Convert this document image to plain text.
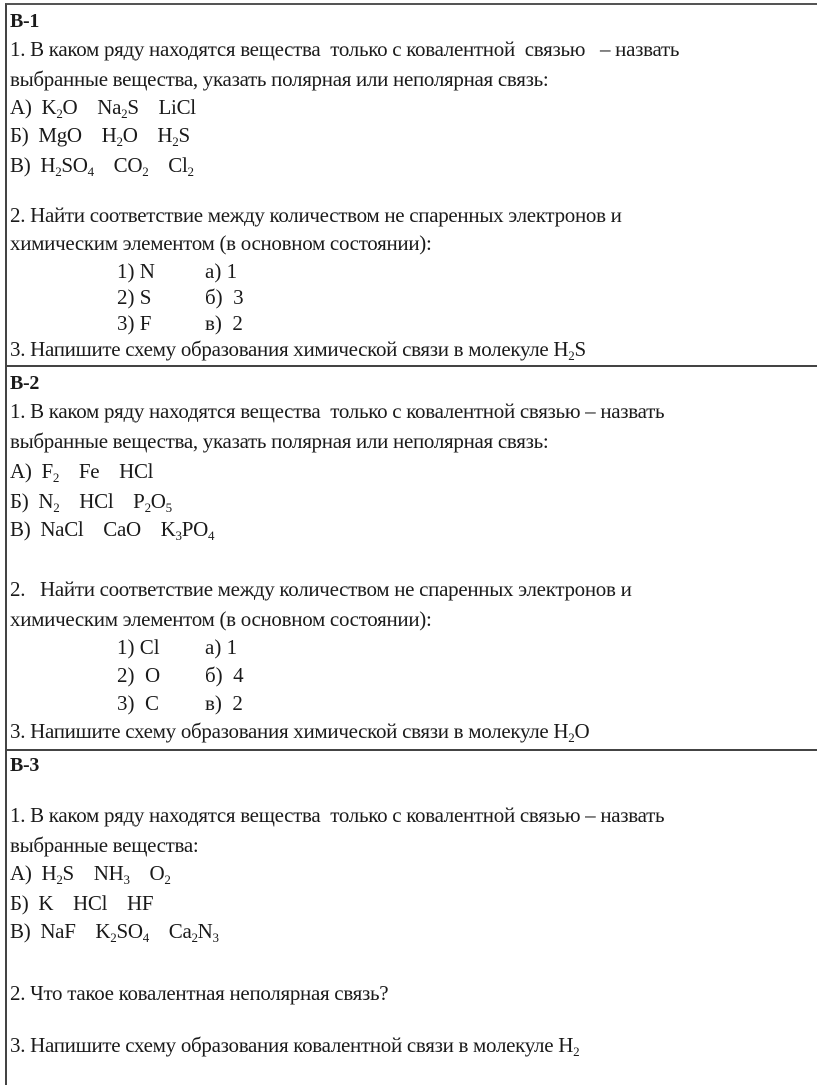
В-1
1. В каком ряду находятся вещества  только с ковалентной  связью   – назвать
выбранные вещества, указать полярная или неполярная связь:
А)  $K_2O$ $Na_2S$ LiCl
Б)  MgO $H_2O$ $H_2S$
В)  $H_2SO_4$ $CO_2$ $Cl_2$
2. Найти соответствие между количеством не спаренных электронов и
химическим элементом (в основном состоянии):
1) N
2) S
3) F
а) 1
б)  3
в)  2
3. Напишите схему образования химической связи в молекуле $H_2S$
В-2
1. В каком ряду находятся вещества  только с ковалентной связью – назвать
выбранные вещества, указать полярная или неполярная связь:
А)  $F_2$ Fe HCl
Б)  $N_2$ HCl $P_2O_5$
В)  NaCl CaO $K_3PO_4$
2.   Найти соответствие между количеством не спаренных электронов и
химическим элементом (в основном состоянии):
1) Cl
2)  O
3)  C
а) 1
б)  4
в)  2
3. Напишите схему образования химической связи в молекуле $H_2O$
В-3
1. В каком ряду находятся вещества  только с ковалентной связью – назвать
выбранные вещества:
А)  $H_2S$ $NH_3$ $O_2$
Б)  K HCl HF
В)  NaF $K_2SO_4$ $Ca_2N_3$
2. Что такое ковалентная неполярная связь?
3. Напишите схему образования ковалентной связи в молекуле $H_2$
